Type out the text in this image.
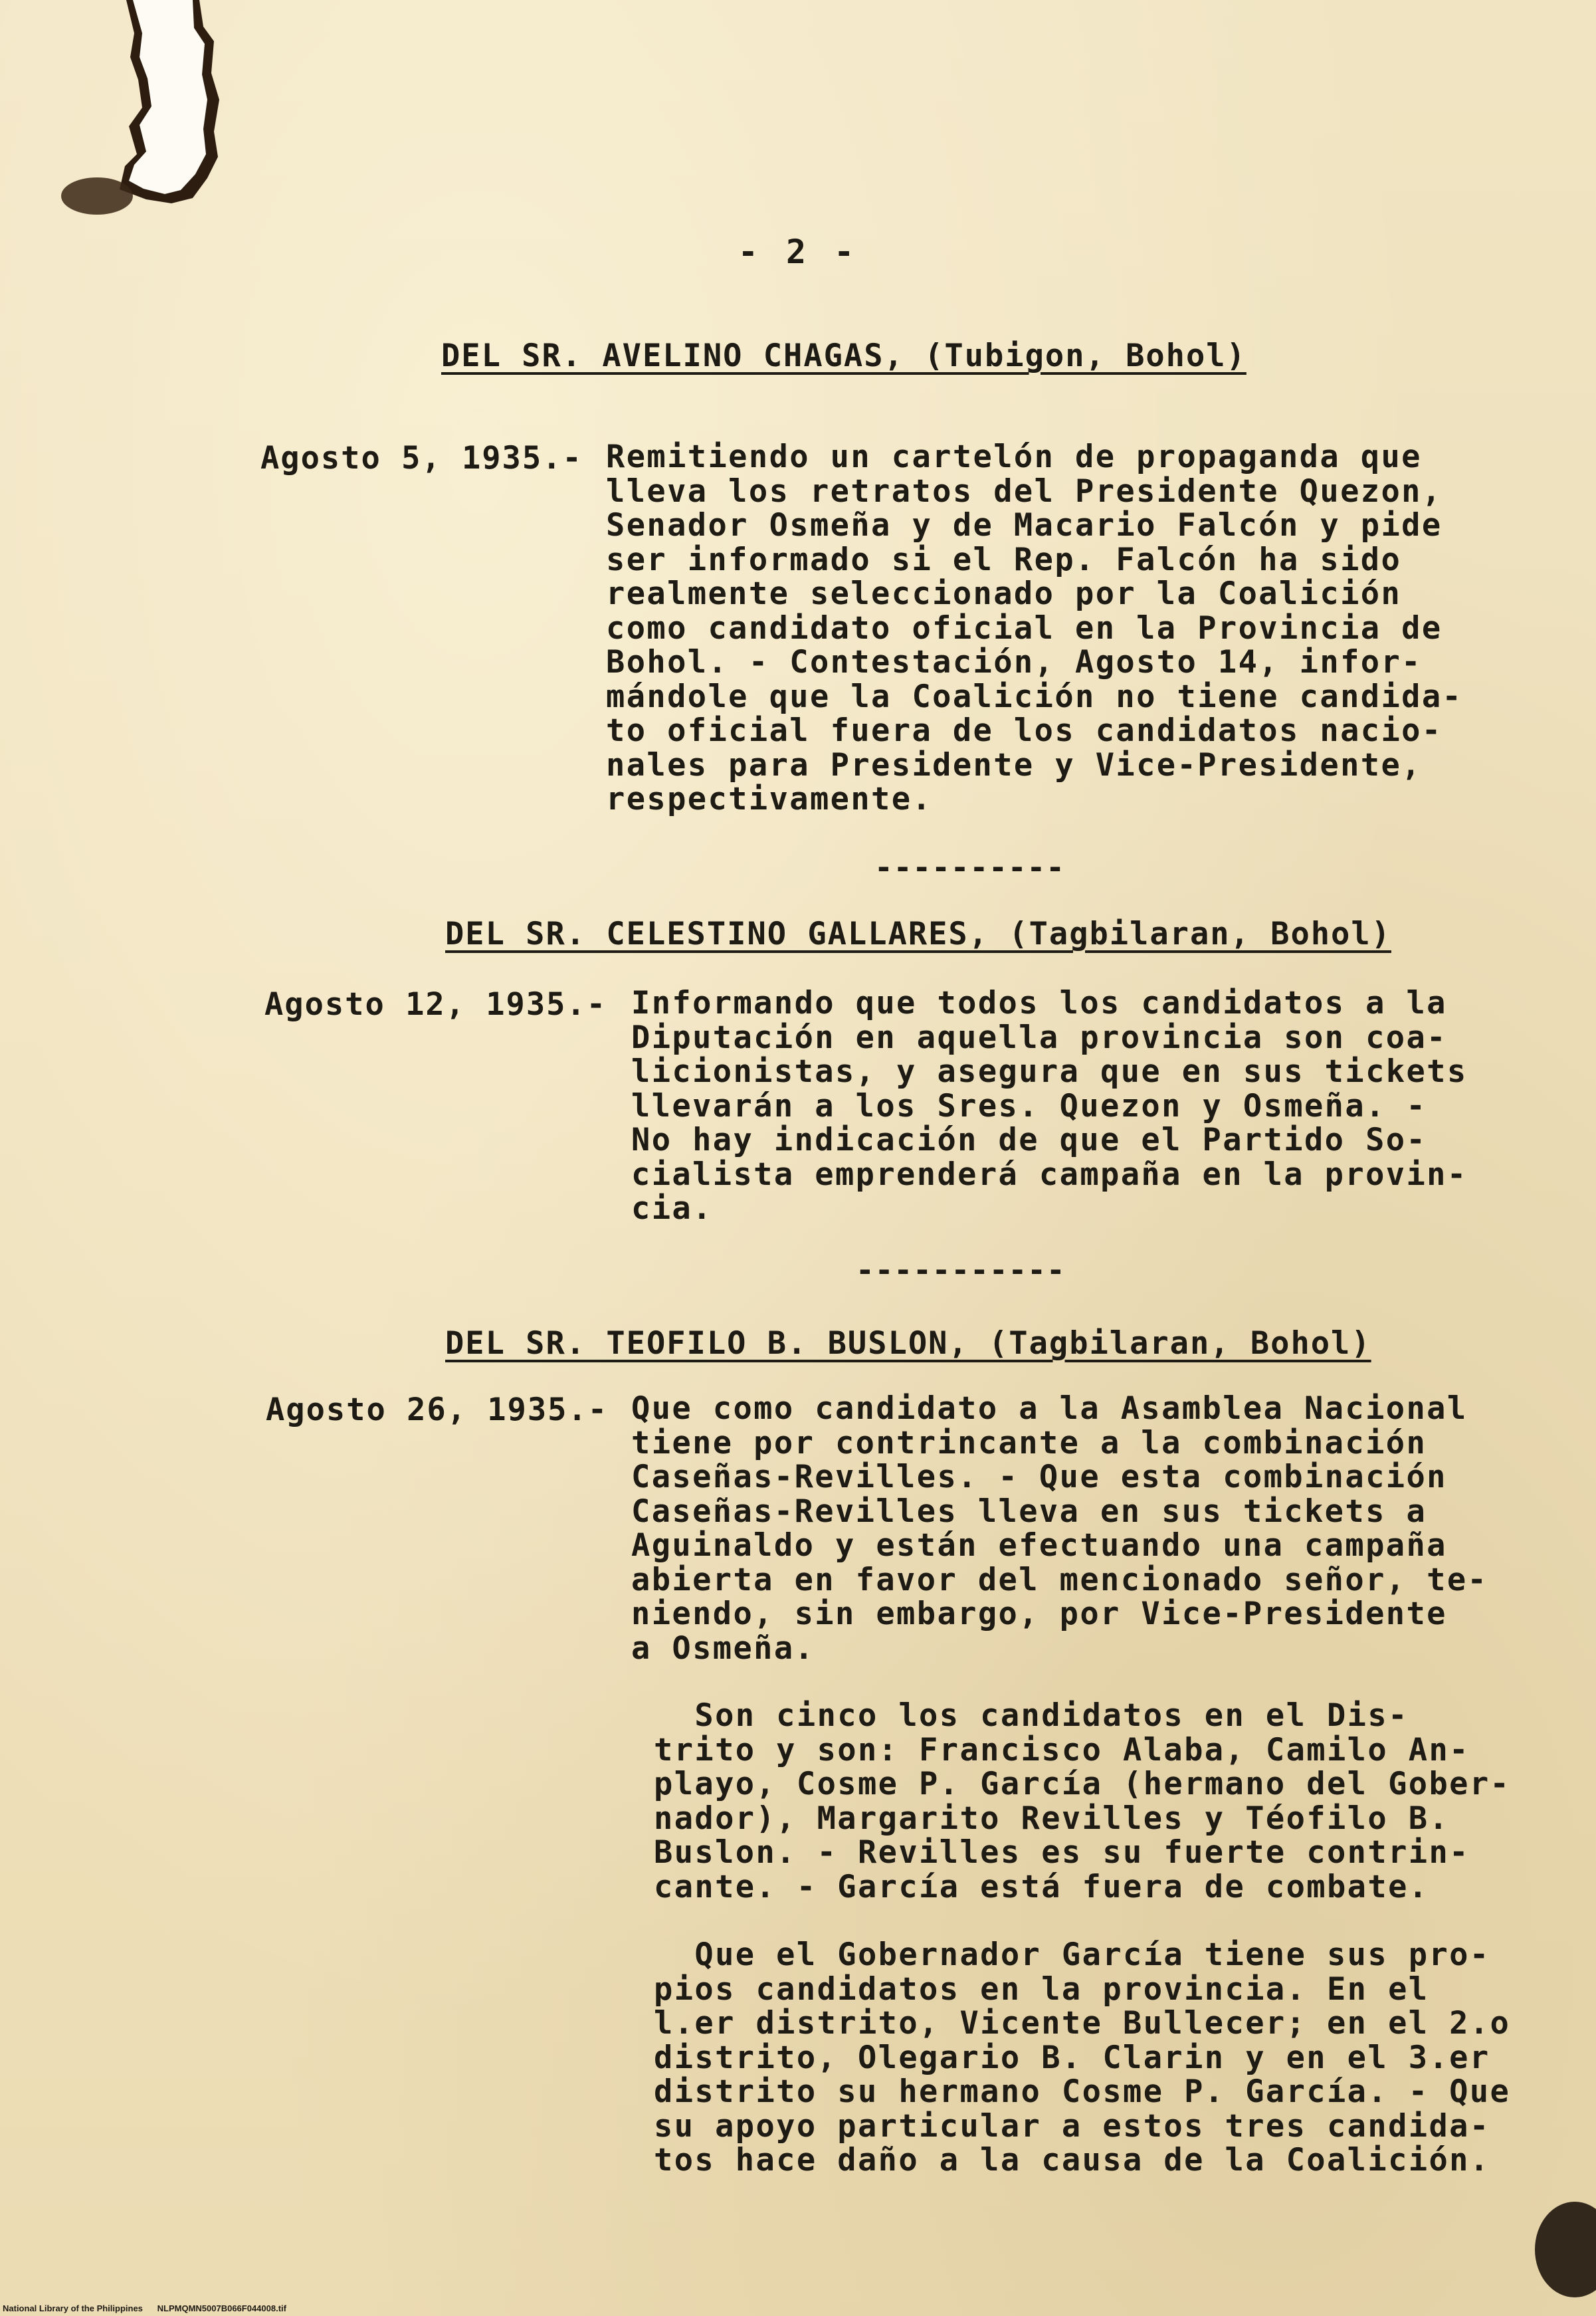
- 2 -
DEL SR. AVELINO CHAGAS, (Tubigon, Bohol)
Agosto 5, 1935.- Remitiendo un cartelón de propaganda que
lleva los retratos del Presidente Quezon,
Senador Osmeña y de Macario Falcón y pide
ser informado si el Rep. Falcón ha sido
realmente seleccionado por la Coalición
como candidato oficial en la Provincia de
Bohol. - Contestación, Agosto 14, infor-
mándole que la Coalición no tiene candida-
to oficial fuera de los candidatos nacio-
nales para Presidente y Vice-Presidente,
respectivamente.
----------
DEL SR. CELESTINO GALLARES, (Tagbilaran, Bohol)
Agosto 12, 1935.- Informando que todos los candidatos a la
Diputación en aquella provincia son coa-
licionistas, y asegura que en sus tickets
llevarán a los Sres. Quezon y Osmeña. -
No hay indicación de que el Partido So-
cialista emprenderá campaña en la provin-
cia.
-----------
DEL SR. TEOFILO B. BUSLON, (Tagbilaran, Bohol)
Agosto 26, 1935.- Que como candidato a la Asamblea Nacional
tiene por contrincante a la combinación
Caseñas-Revilles. - Que esta combinación
Caseñas-Revilles lleva en sus tickets a
Aguinaldo y están efectuando una campaña
abierta en favor del mencionado señor, te-
niendo, sin embargo, por Vice-Presidente
a Osmeña.
Son cinco los candidatos en el Dis-
trito y son: Francisco Alaba, Camilo An-
playo, Cosme P. García (hermano del Gober-
nador), Margarito Revilles y Téofilo B.
Buslon. - Revilles es su fuerte contrin-
cante. - García está fuera de combate.
Que el Gobernador García tiene sus pro-
pios candidatos en la provincia. En el
l.er distrito, Vicente Bullecer; en el 2.o
distrito, Olegario B. Clarin y en el 3.er
distrito su hermano Cosme P. García. - Que
su apoyo particular a estos tres candida-
tos hace daño a la causa de la Coalición.
National Library of the Philippines NLPMQMN5007B066F044008.tif
